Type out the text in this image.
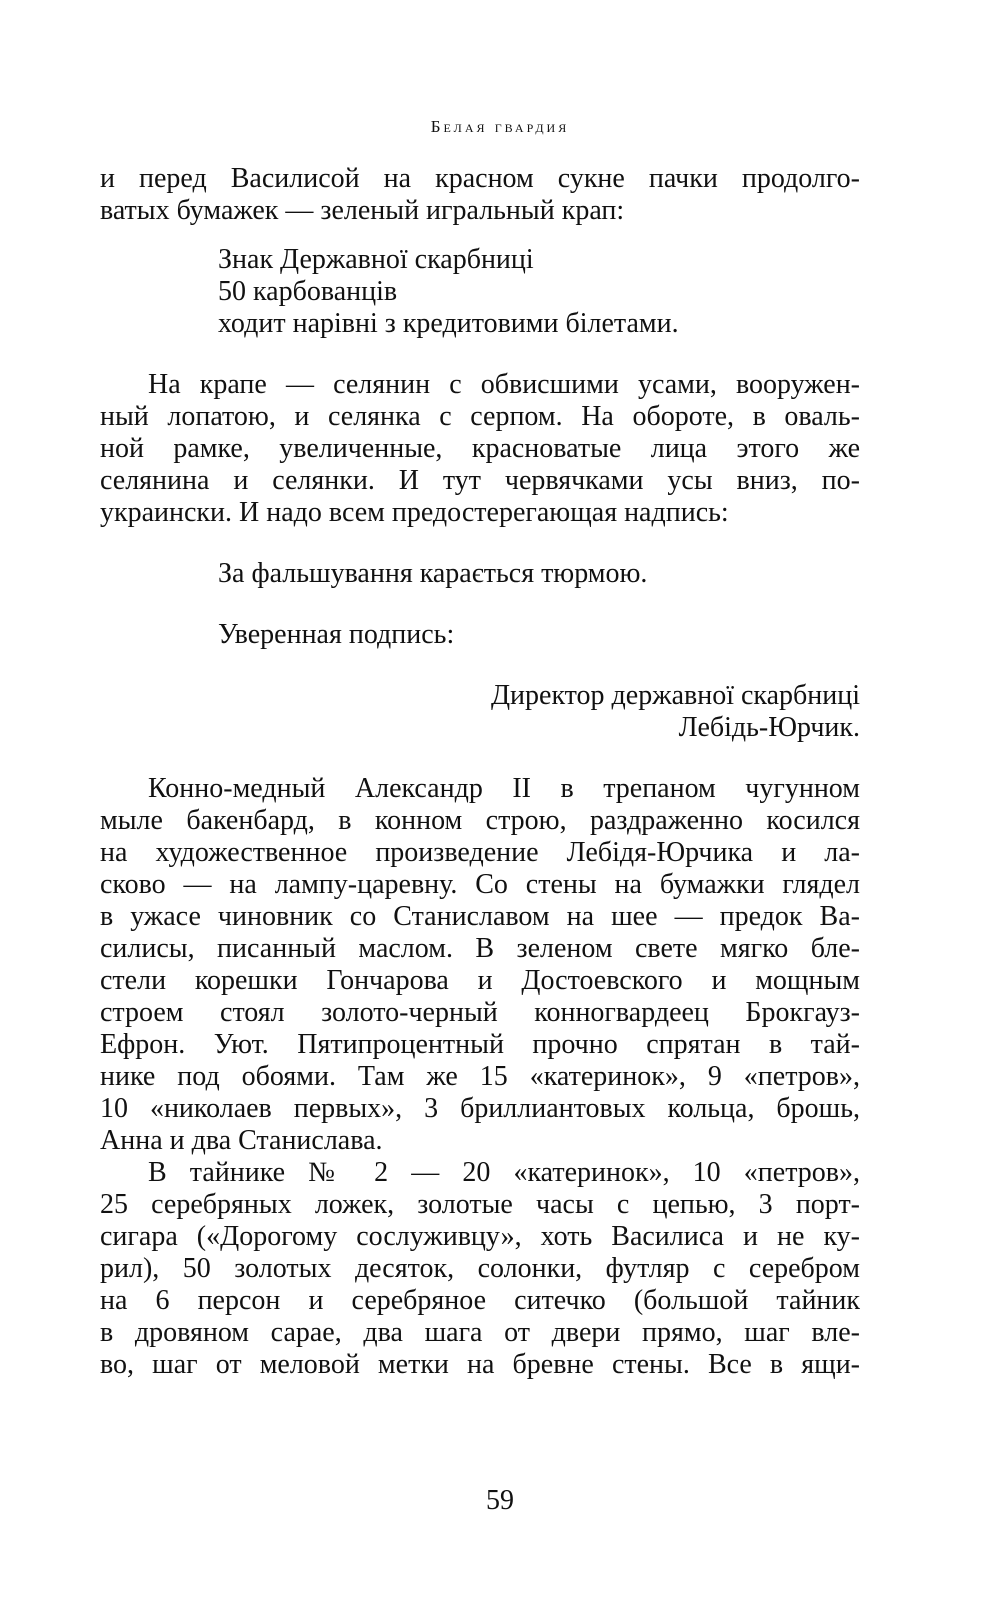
Белая гвардия
и перед Василисой на красном сукне пачки продолго-
ватых бумажек — зеленый игральный крап:
Знак Державної скарбниці
50 карбованців
ходит нарівні з кредитовими білетами.
На крапе — селянин с обвисшими усами, вооружен-
ный лопатою, и селянка с серпом. На обороте, в оваль-
ной рамке, увеличенные, красноватые лица этого же
селянина и селянки. И тут червячками усы вниз, по-
украински. И надо всем предостерегающая надпись:
За фальшування карається тюрмою.
Уверенная подпись:
Директор державної скарбниці
Лебідь-Юрчик.
Конно-медный Александр II в трепаном чугунном
мыле бакенбард, в конном строю, раздраженно косился
на художественное произведение Лебідя-Юрчика и ла-
сково — на лампу-царевну. Со стены на бумажки глядел
в ужасе чиновник со Станиславом на шее — предок Ва-
силисы, писанный маслом. В зеленом свете мягко бле-
стели корешки Гончарова и Достоевского и мощным
строем стоял золото-черный конногвардеец Брокгауз-
Ефрон. Уют. Пятипроцентный прочно спрятан в тай-
нике под обоями. Там же 15 «катеринок», 9 «петров»,
10 «николаев первых», 3 бриллиантовых кольца, брошь,
Анна и два Станислава.
В тайнике № 2 — 20 «катеринок», 10 «петров»,
25 серебряных ложек, золотые часы с цепью, 3 порт-
сигара («Дорогому сослуживцу», хоть Василиса и не ку-
рил), 50 золотых десяток, солонки, футляр с серебром
на 6 персон и серебряное ситечко (большой тайник
в дровяном сарае, два шага от двери прямо, шаг вле-
во, шаг от меловой метки на бревне стены. Все в ящи-
59
